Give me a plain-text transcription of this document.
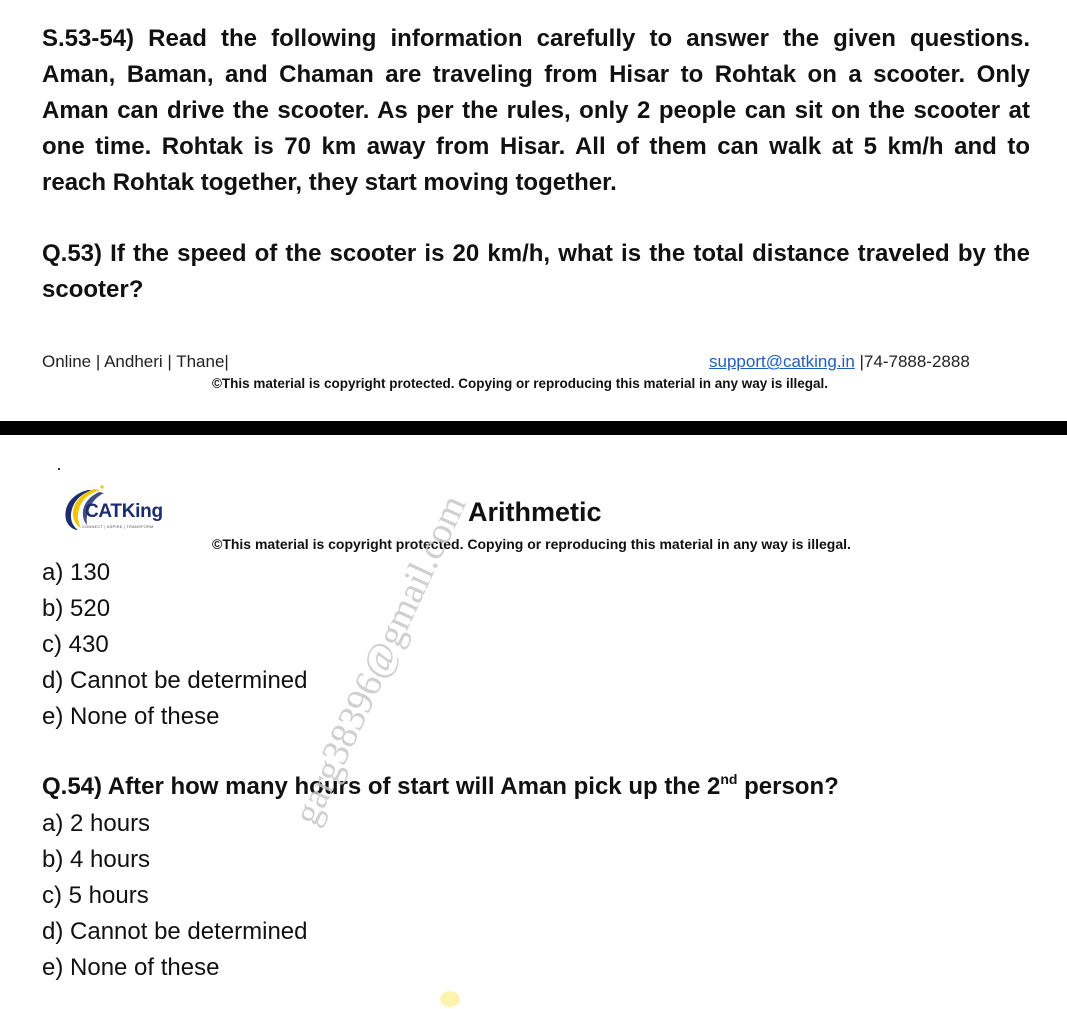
S.53-54) Read the following information carefully to answer the given questions. Aman, Baman, and Chaman are traveling from Hisar to Rohtak on a scooter. Only Aman can drive the scooter. As per the rules, only 2 people can sit on the scooter at one time. Rohtak is 70 km away from Hisar. All of them can walk at 5 km/h and to reach Rohtak together, they start moving together.
Q.53) If the speed of the scooter is 20 km/h, what is the total distance traveled by the scooter?
Online | Andheri | Thane|	support@catking.in |74-7888-2888
©This material is copyright protected. Copying or reproducing this material in any way is illegal.
CATKing
CONNECT | ASPIRE | TRANSFORM	Arithmetic
©This material is copyright protected. Copying or reproducing this material in any way is illegal.
a) 130
b) 520
c) 430
d) Cannot be determined
e) None of these
Q.54) After how many hours of start will Aman pick up the 2nd person?
a) 2 hours
b) 4 hours
c) 5 hours
d) Cannot be determined
e) None of these
garg38396@gmail.com
